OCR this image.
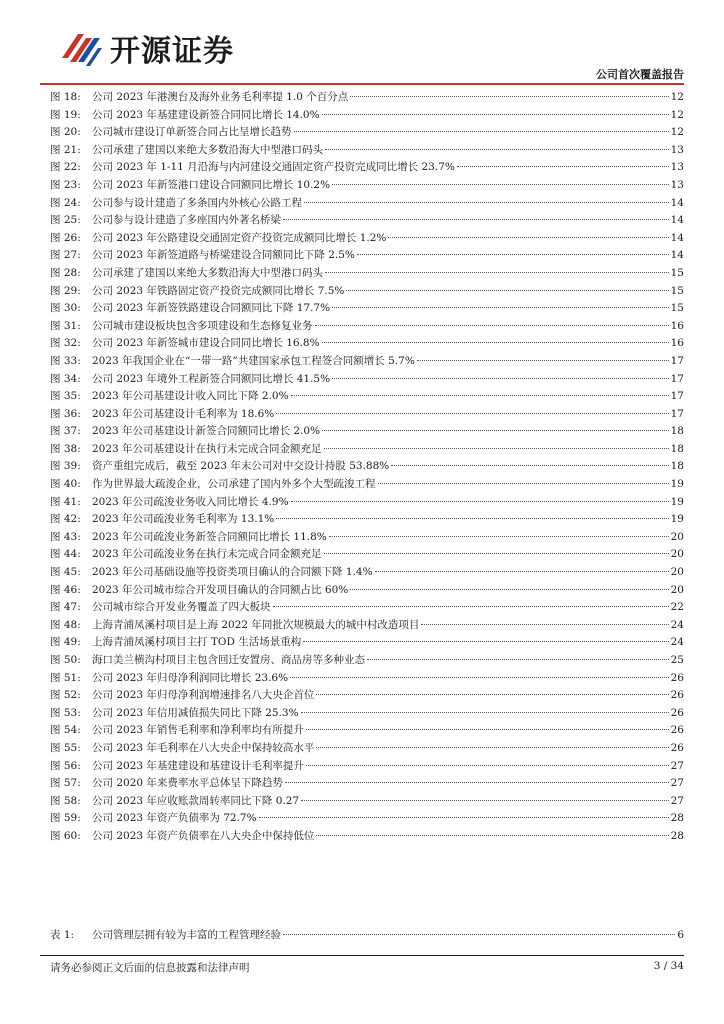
开源证券
公司首次覆盖报告
图 18:	公司 2023 年港澳台及海外业务毛利率提 1.0 个百分点	12
图 19:	公司 2023 年基建建设新签合同同比增长 14.0%	12
图 20:	公司城市建设订单新签合同占比呈增长趋势	12
图 21:	公司承建了建国以来绝大多数沿海大中型港口码头	13
图 22:	公司 2023 年 1-11 月沿海与内河建设交通固定资产投资完成同比增长 23.7%	13
图 23:	公司 2023 年新签港口建设合同额同比增长 10.2%	13
图 24:	公司参与设计建造了多条国内外核心公路工程	14
图 25:	公司参与设计建造了多座国内外著名桥梁	14
图 26:	公司 2023 年公路建设交通固定资产投资完成额同比增长 1.2%	14
图 27:	公司 2023 年新签道路与桥梁建设合同额同比下降 2.5%	14
图 28:	公司承建了建国以来绝大多数沿海大中型港口码头	15
图 29:	公司 2023 年铁路固定资产投资完成额同比增长 7.5%	15
图 30:	公司 2023 年新签铁路建设合同额同比下降 17.7%	15
图 31:	公司城市建设板块包含多项建设和生态修复业务	16
图 32:	公司 2023 年新签城市建设合同同比增长 16.8%	16
图 33:	2023 年我国企业在“一带一路”共建国家承包工程签合同额增长 5.7%	17
图 34:	公司 2023 年境外工程新签合同额同比增长 41.5%	17
图 35:	2023 年公司基建设计收入同比下降 2.0%	17
图 36:	2023 年公司基建设计毛利率为 18.6%	17
图 37:	2023 年公司基建设计新签合同额同比增长 2.0%	18
图 38:	2023 年公司基建设计在执行未完成合同金额充足	18
图 39:	资产重组完成后，截至 2023 年末公司对中交设计持股 53.88%	18
图 40:	作为世界最大疏浚企业，公司承建了国内外多个大型疏浚工程	19
图 41:	2023 年公司疏浚业务收入同比增长 4.9%	19
图 42:	2023 年公司疏浚业务毛利率为 13.1%	19
图 43:	2023 年公司疏浚业务新签合同额同比增长 11.8%	20
图 44:	2023 年公司疏浚业务在执行未完成合同金额充足	20
图 45:	2023 年公司基础设施等投资类项目确认的合同额下降 1.4%	20
图 46:	2023 年公司城市综合开发项目确认的合同额占比 60%	20
图 47:	公司城市综合开发业务覆盖了四大板块	22
图 48:	上海青浦凤溪村项目是上海 2022 年同批次规模最大的城中村改造项目	24
图 49:	上海青浦凤溪村项目主打 TOD 生活场景重构	24
图 50:	海口美兰横沟村项目主包含回迁安置房、商品房等多种业态	25
图 51:	公司 2023 年归母净利润同比增长 23.6%	26
图 52:	公司 2023 年归母净利润增速排名八大央企首位	26
图 53:	公司 2023 年信用减值损失同比下降 25.3%	26
图 54:	公司 2023 年销售毛利率和净利率均有所提升	26
图 55:	公司 2023 年毛利率在八大央企中保持较高水平	26
图 56:	公司 2023 年基建建设和基建设计毛利率提升	27
图 57:	公司 2020 年来费率水平总体呈下降趋势	27
图 58:	公司 2023 年应收账款周转率同比下降 0.27	27
图 59:	公司 2023 年资产负债率为 72.7%	28
图 60:	公司 2023 年资产负债率在八大央企中保持低位	28
表 1:	公司管理层拥有较为丰富的工程管理经验	6
请务必参阅正文后面的信息披露和法律声明	3 / 34
